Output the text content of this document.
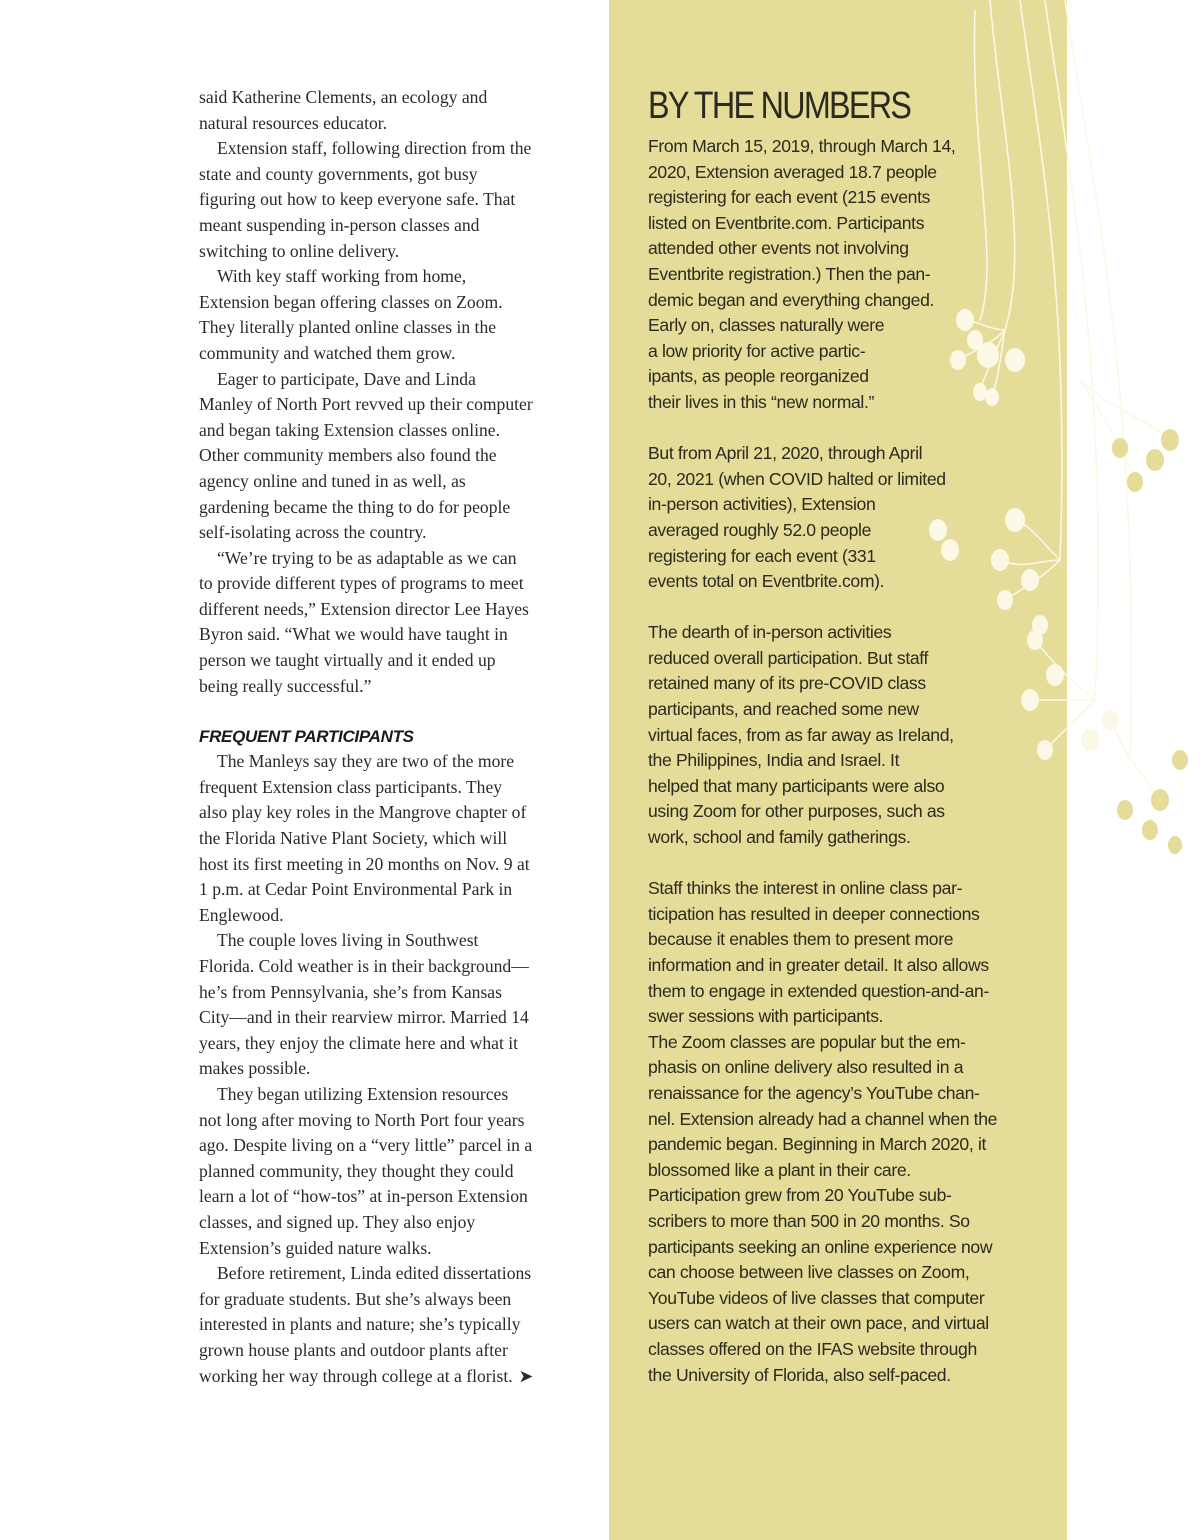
said Katherine Clements, an ecology and natural resources educator.

Extension staff, following direction from the state and county governments, got busy figuring out how to keep everyone safe. That meant suspending in-person classes and switching to online delivery.

With key staff working from home, Extension began offering classes on Zoom. They literally planted online classes in the community and watched them grow.

Eager to participate, Dave and Linda Manley of North Port revved up their computer and began taking Extension classes online. Other community members also found the agency online and tuned in as well, as gardening became the thing to do for people self-isolating across the country.

“We’re trying to be as adaptable as we can to provide different types of programs to meet different needs,” Extension director Lee Hayes Byron said. “What we would have taught in person we taught virtually and it ended up being really successful.”

FREQUENT PARTICIPANTS

The Manleys say they are two of the more frequent Extension class participants. They also play key roles in the Mangrove chapter of the Florida Native Plant Society, which will host its first meeting in 20 months on Nov. 9 at 1 p.m. at Cedar Point Environmental Park in Englewood.

The couple loves living in Southwest Florida. Cold weather is in their background—he’s from Pennsylvania, she’s from Kansas City—and in their rearview mirror. Married 14 years, they enjoy the climate here and what it makes possible.

They began utilizing Extension resources not long after moving to North Port four years ago. Despite living on a “very little” parcel in a planned community, they thought they could learn a lot of “how-tos” at in-person Extension classes, and signed up. They also enjoy Extension’s guided nature walks.

Before retirement, Linda edited dissertations for graduate students. But she’s always been interested in plants and nature; she’s typically grown house plants and outdoor plants after working her way through college at a florist. ➤

BY THE NUMBERS

From March 15, 2019, through March 14,
2020, Extension averaged 18.7 people
registering for each event (215 events
listed on Eventbrite.com. Participants
attended other events not involving
Eventbrite registration.) Then the pan-
demic began and everything changed.
Early on, classes naturally were
a low priority for active partic-
ipants, as people reorganized
their lives in this “new normal.”

But from April 21, 2020, through April
20, 2021 (when COVID halted or limited
in-person activities), Extension
averaged roughly 52.0 people
registering for each event (331
events total on Eventbrite.com).

The dearth of in-person activities
reduced overall participation. But staff
retained many of its pre-COVID class
participants, and reached some new
virtual faces, from as far away as Ireland,
the Philippines, India and Israel. It
helped that many participants were also
using Zoom for other purposes, such as
work, school and family gatherings.

Staff thinks the interest in online class par-
ticipation has resulted in deeper connections
because it enables them to present more
information and in greater detail. It also allows
them to engage in extended question-and-an-
swer sessions with participants.

The Zoom classes are popular but the em-
phasis on online delivery also resulted in a
renaissance for the agency’s YouTube chan-
nel. Extension already had a channel when the
pandemic began. Beginning in March 2020, it
blossomed like a plant in their care.
Participation grew from 20 YouTube sub-
scribers to more than 500 in 20 months. So
participants seeking an online experience now
can choose between live classes on Zoom,
YouTube videos of live classes that computer
users can watch at their own pace, and virtual
classes offered on the IFAS website through
the University of Florida, also self-paced.
